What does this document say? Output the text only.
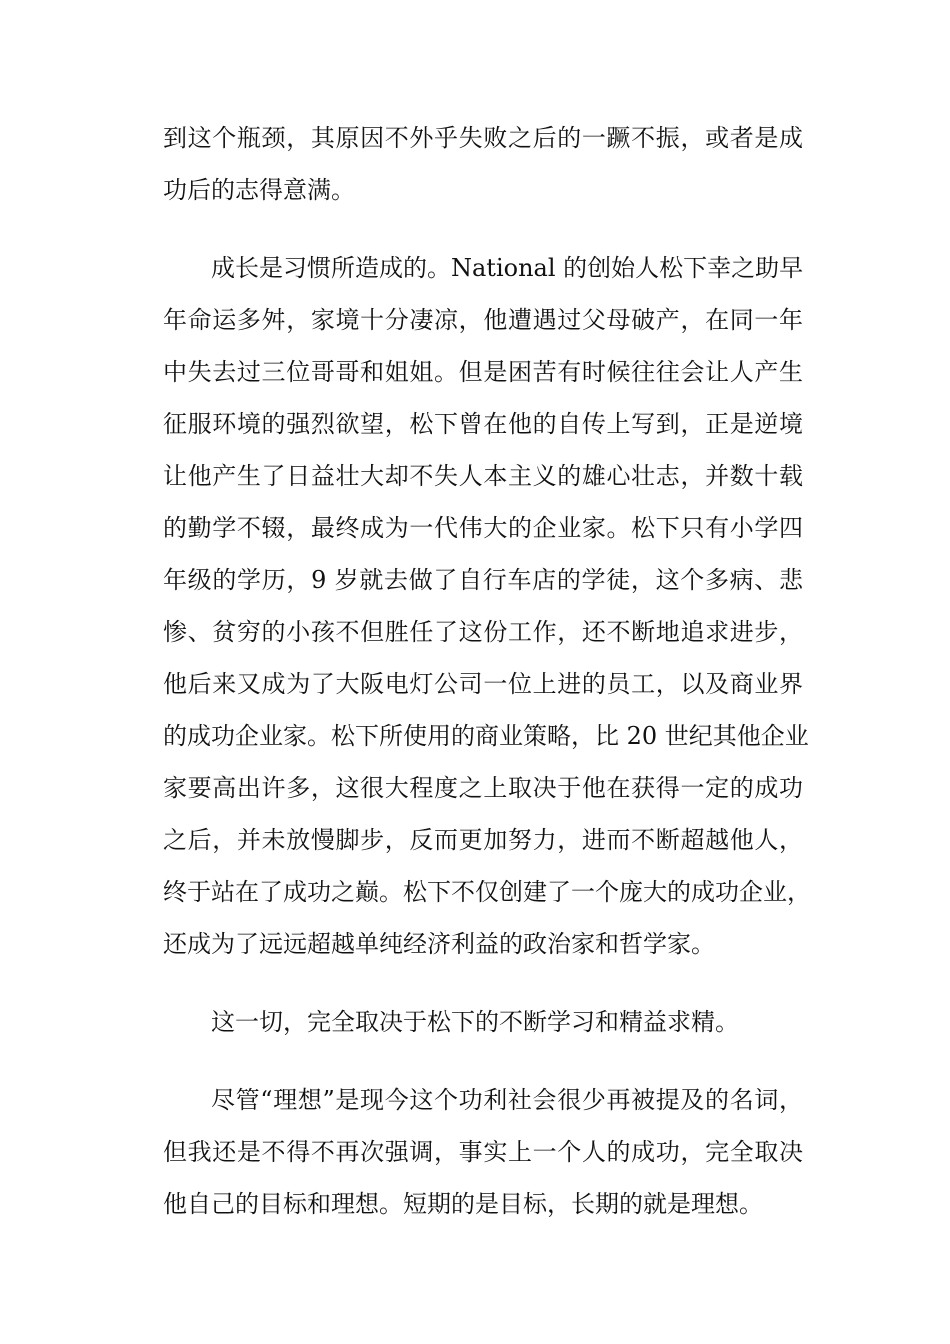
到这个瓶颈，其原因不外乎失败之后的一蹶不振，或者是成
功后的志得意满。
成长是习惯所造成的。National 的创始人松下幸之助早
年命运多舛，家境十分凄凉，他遭遇过父母破产，在同一年
中失去过三位哥哥和姐姐。但是困苦有时候往往会让人产生
征服环境的强烈欲望，松下曾在他的自传上写到，正是逆境
让他产生了日益壮大却不失人本主义的雄心壮志，并数十载
的勤学不辍，最终成为一代伟大的企业家。松下只有小学四
年级的学历，9 岁就去做了自行车店的学徒，这个多病、悲
惨、贫穷的小孩不但胜任了这份工作，还不断地追求进步，
他后来又成为了大阪电灯公司一位上进的员工，以及商业界
的成功企业家。松下所使用的商业策略，比 20 世纪其他企业
家要高出许多，这很大程度之上取决于他在获得一定的成功
之后，并未放慢脚步，反而更加努力，进而不断超越他人，
终于站在了成功之巅。松下不仅创建了一个庞大的成功企业，
还成为了远远超越单纯经济利益的政治家和哲学家。
这一切，完全取决于松下的不断学习和精益求精。
尽管“理想”是现今这个功利社会很少再被提及的名词，
但我还是不得不再次强调，事实上一个人的成功，完全取决
他自己的目标和理想。短期的是目标，长期的就是理想。
